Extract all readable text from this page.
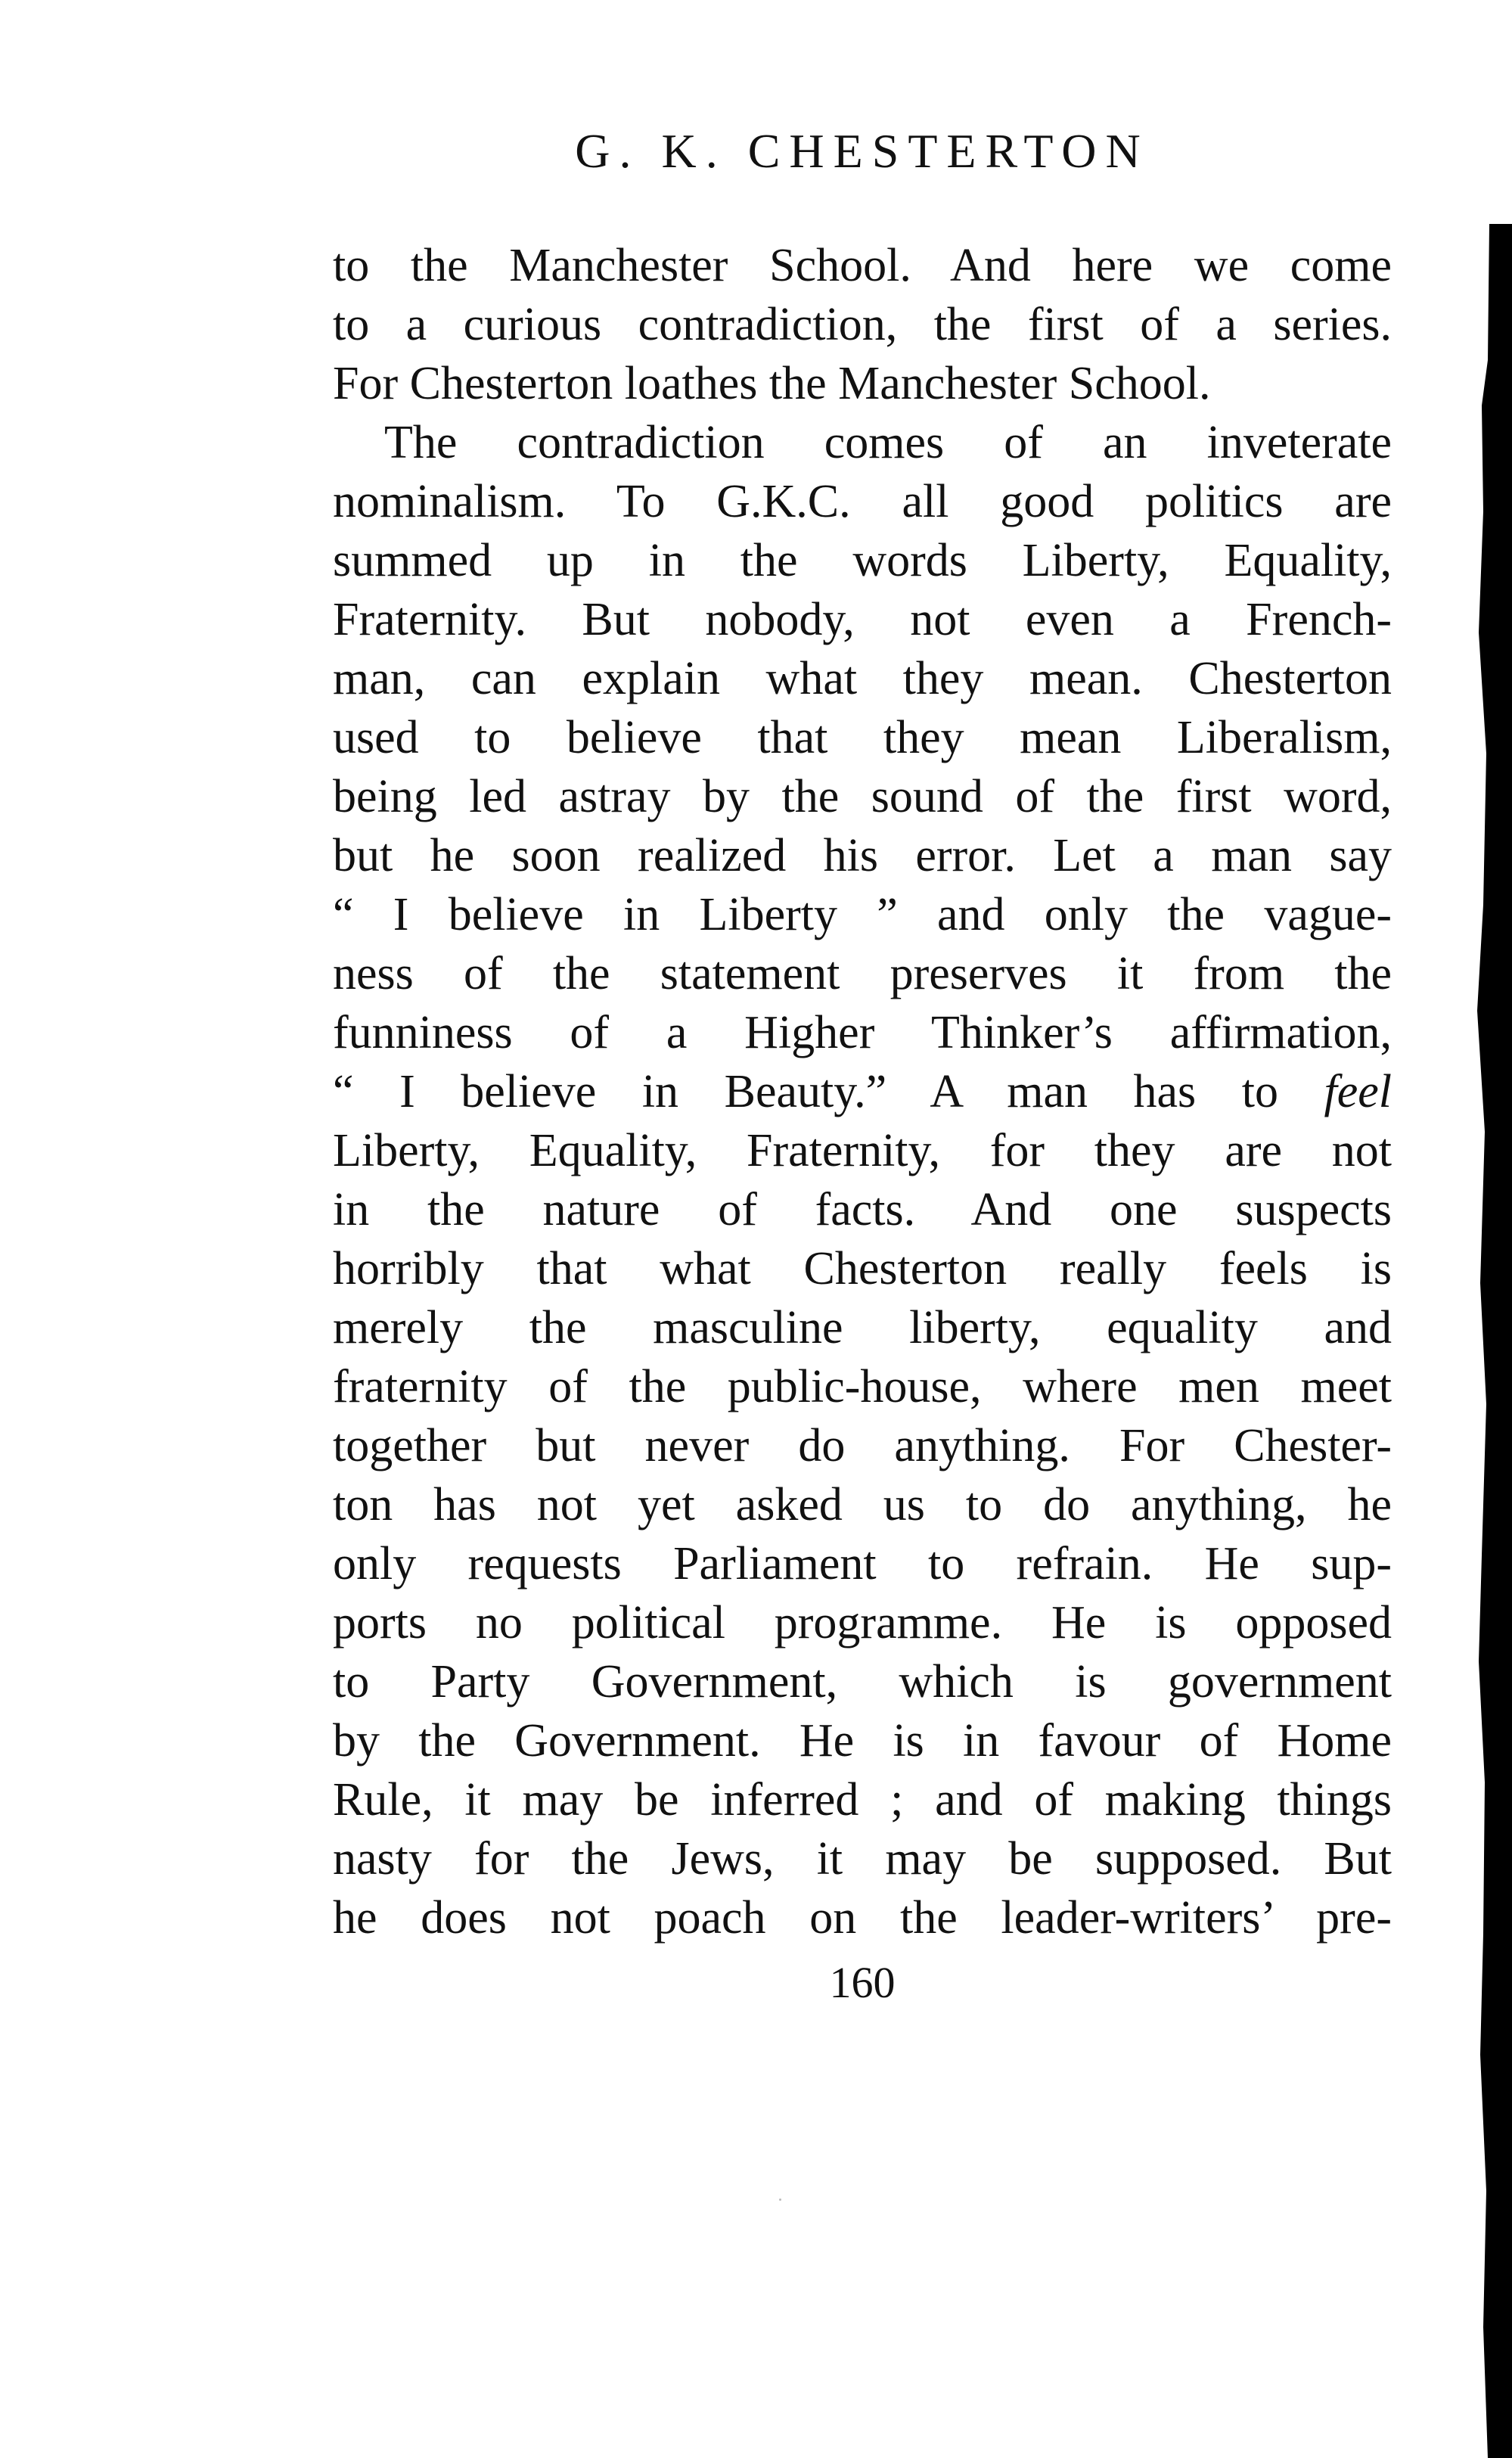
G. K. CHESTERTON
to the Manchester School. And here we come
to a curious contradiction, the first of a series.
For Chesterton loathes the Manchester School.
The contradiction comes of an inveterate
nominalism. To G.K.C. all good politics are
summed up in the words Liberty, Equality,
Fraternity. But nobody, not even a French-
man, can explain what they mean. Chesterton
used to believe that they mean Liberalism,
being led astray by the sound of the first word,
but he soon realized his error. Let a man say
“ I believe in Liberty ” and only the vague-
ness of the statement preserves it from the
funniness of a Higher Thinker’s affirmation,
“ I believe in Beauty.” A man has to feel
Liberty, Equality, Fraternity, for they are not
in the nature of facts. And one suspects
horribly that what Chesterton really feels is
merely the masculine liberty, equality and
fraternity of the public-house, where men meet
together but never do anything. For Chester-
ton has not yet asked us to do anything, he
only requests Parliament to refrain. He sup-
ports no political programme. He is opposed
to Party Government, which is government
by the Government. He is in favour of Home
Rule, it may be inferred ; and of making things
nasty for the Jews, it may be supposed. But
he does not poach on the leader-writers’ pre-
160
